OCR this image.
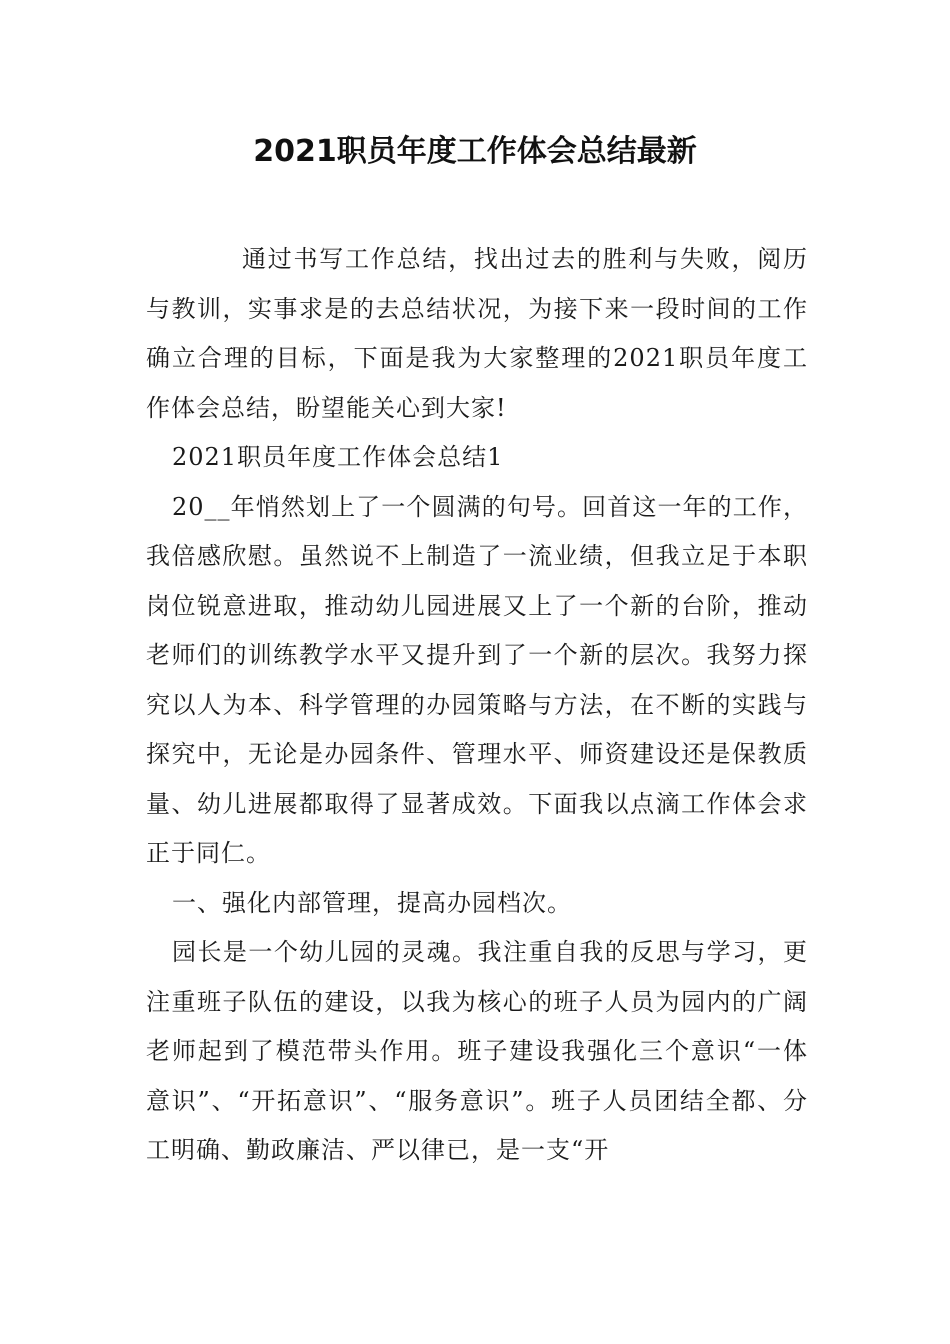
2021职员年度工作体会总结最新

通过书写工作总结，找出过去的胜利与失败，阅历与教训，实事求是的去总结状况，为接下来一段时间的工作确立合理的目标，下面是我为大家整理的2021职员年度工作体会总结，盼望能关心到大家!

2021职员年度工作体会总结1

20__年悄然划上了一个圆满的句号。回首这一年的工作，我倍感欣慰。虽然说不上制造了一流业绩，但我立足于本职岗位锐意进取，推动幼儿园进展又上了一个新的台阶，推动老师们的训练教学水平又提升到了一个新的层次。我努力探究以人为本、科学管理的办园策略与方法，在不断的实践与探究中，无论是办园条件、管理水平、师资建设还是保教质量、幼儿进展都取得了显著成效。下面我以点滴工作体会求正于同仁。

一、强化内部管理，提高办园档次。

园长是一个幼儿园的灵魂。我注重自我的反思与学习，更注重班子队伍的建设，以我为核心的班子人员为园内的广阔老师起到了模范带头作用。班子建设我强化三个意识“一体意识”、“开拓意识”、“服务意识”。班子人员团结全都、分工明确、勤政廉洁、严以律已，是一支“开
